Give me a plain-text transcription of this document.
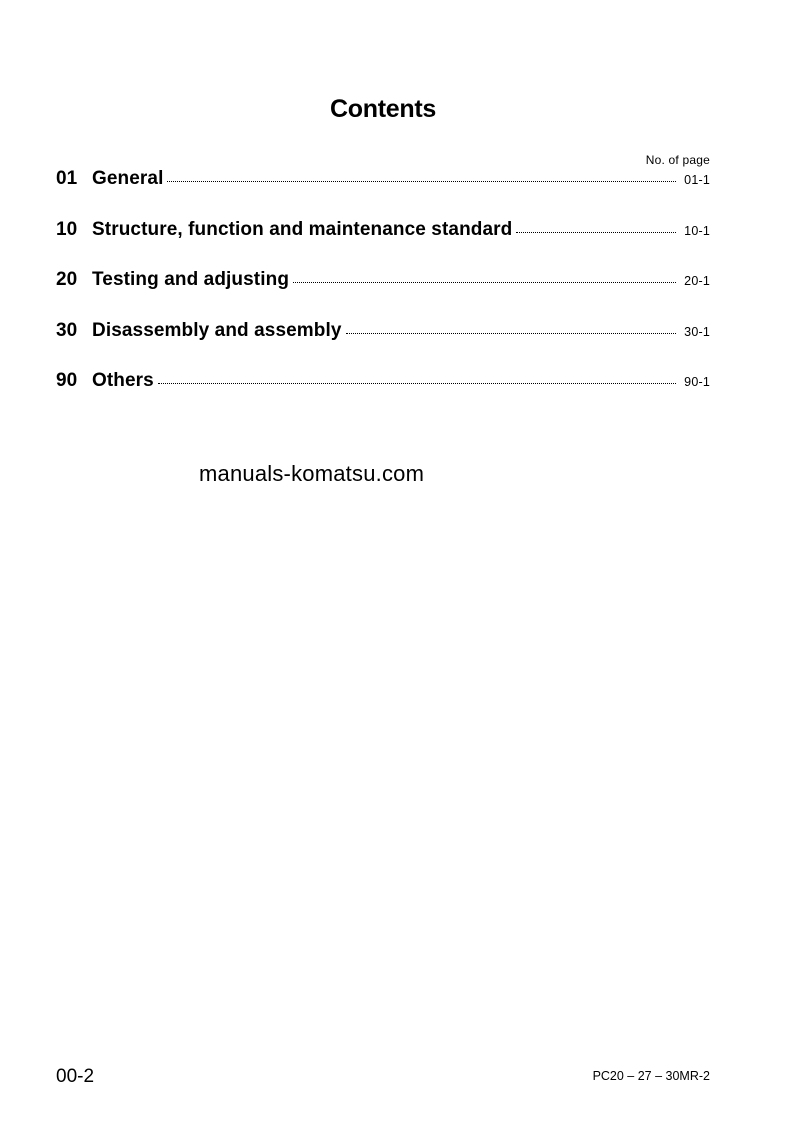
Contents
No. of page
01 General	01-1
10 Structure, function and maintenance standard	10-1
20 Testing and adjusting	20-1
30 Disassembly and assembly	30-1
90 Others	90-1
manuals-komatsu.com
00-2	PC20 – 27 – 30MR-2
